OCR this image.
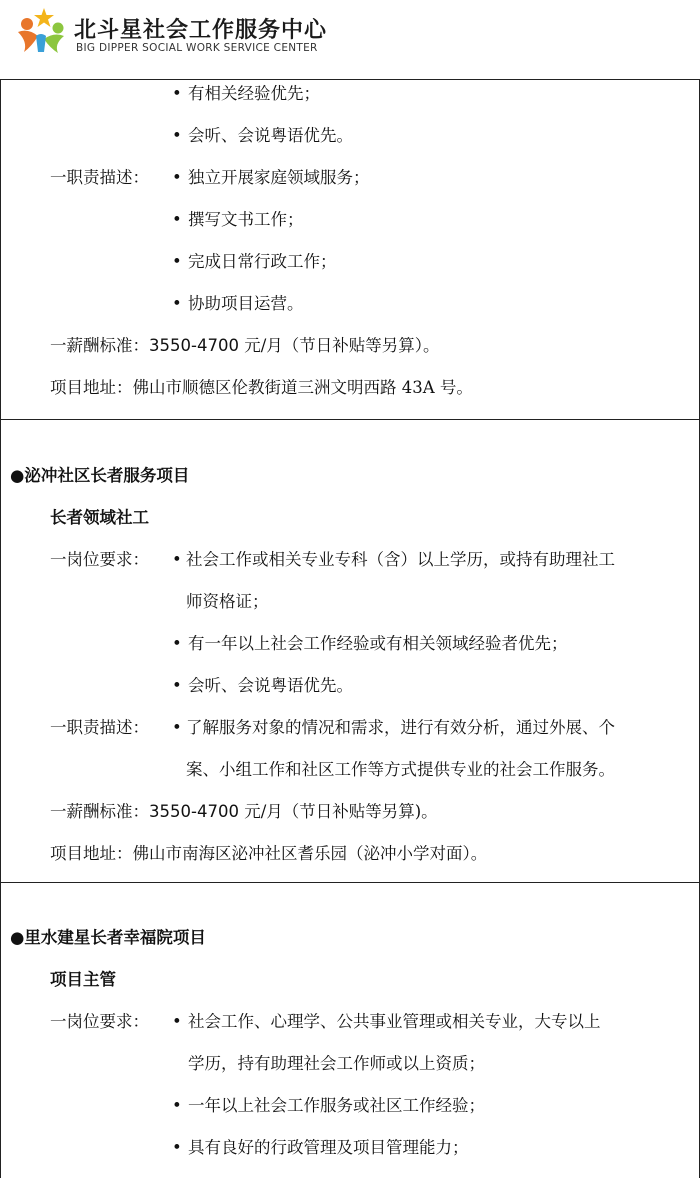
北斗星社会工作服务中心
BIG DIPPER SOCIAL WORK SERVICE CENTER
• 有相关经验优先；
• 会听、会说粤语优先。
一职责描述： • 独立开展家庭领域服务；
• 撰写文书工作；
• 完成日常行政工作；
• 协助项目运营。
一薪酬标准：3550-4700 元/月（节日补贴等另算）。
项目地址：佛山市顺德区伦教街道三洲文明西路 43A 号。
●泌冲社区长者服务项目
长者领域社工
一岗位要求： • 社会工作或相关专业专科（含）以上学历，或持有助理社工
师资格证；
• 有一年以上社会工作经验或有相关领域经验者优先；
• 会听、会说粤语优先。
一职责描述： • 了解服务对象的情况和需求，进行有效分析，通过外展、个
案、小组工作和社区工作等方式提供专业的社会工作服务。
一薪酬标准：3550-4700 元/月（节日补贴等另算)。
项目地址：佛山市南海区泌冲社区耆乐园（泌冲小学对面）。
●里水建星长者幸福院项目
项目主管
一岗位要求： • 社会工作、心理学、公共事业管理或相关专业，大专以上
学历，持有助理社会工作师或以上资质；
• 一年以上社会工作服务或社区工作经验；
• 具有良好的行政管理及项目管理能力；
